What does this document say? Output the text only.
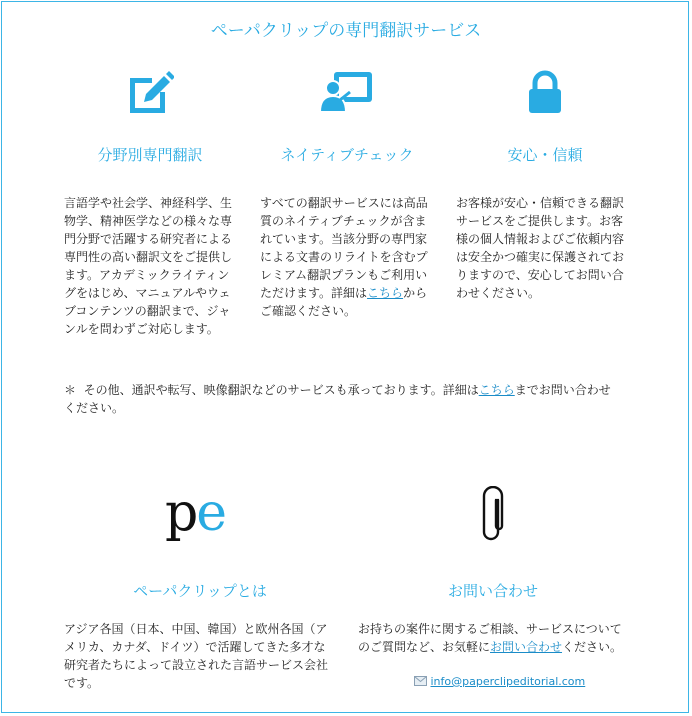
ペーパクリップの専門翻訳サービス
分野別専門翻訳
言語学や社会学、神経科学、生
物学、精神医学などの様々な専
門分野で活躍する研究者による
専門性の高い翻訳文をご提供し
ます。アカデミックライティン
グをはじめ、マニュアルやウェ
ブコンテンツの翻訳まで、ジャ
ンルを問わずご対応します。
ネイティブチェック
すべての翻訳サービスには高品
質のネイティブチェックが含ま
れています。当該分野の専門家
による文書のリライトを含むプ
レミアム翻訳プランもご利用い
ただけます。詳細はこちらから
ご確認ください。
安心・信頼
お客様が安心・信頼できる翻訳
サービスをご提供します。お客
様の個人情報およびご依頼内容
は安全かつ確実に保護されてお
りますので、安心してお問い合
わせください。
＊ その他、通訳や転写、映像翻訳などのサービスも承っております。詳細はこちらまでお問い合わせ
ください。
pe
ペーパクリップとは
アジア各国（日本、中国、韓国）と欧州各国（ア
メリカ、カナダ、ドイツ）で活躍してきた多才な
研究者たちによって設立された言語サービス会社
です。
お問い合わせ
お持ちの案件に関するご相談、サービスについて
のご質問など、お気軽にお問い合わせください。
info@paperclipeditorial.com
